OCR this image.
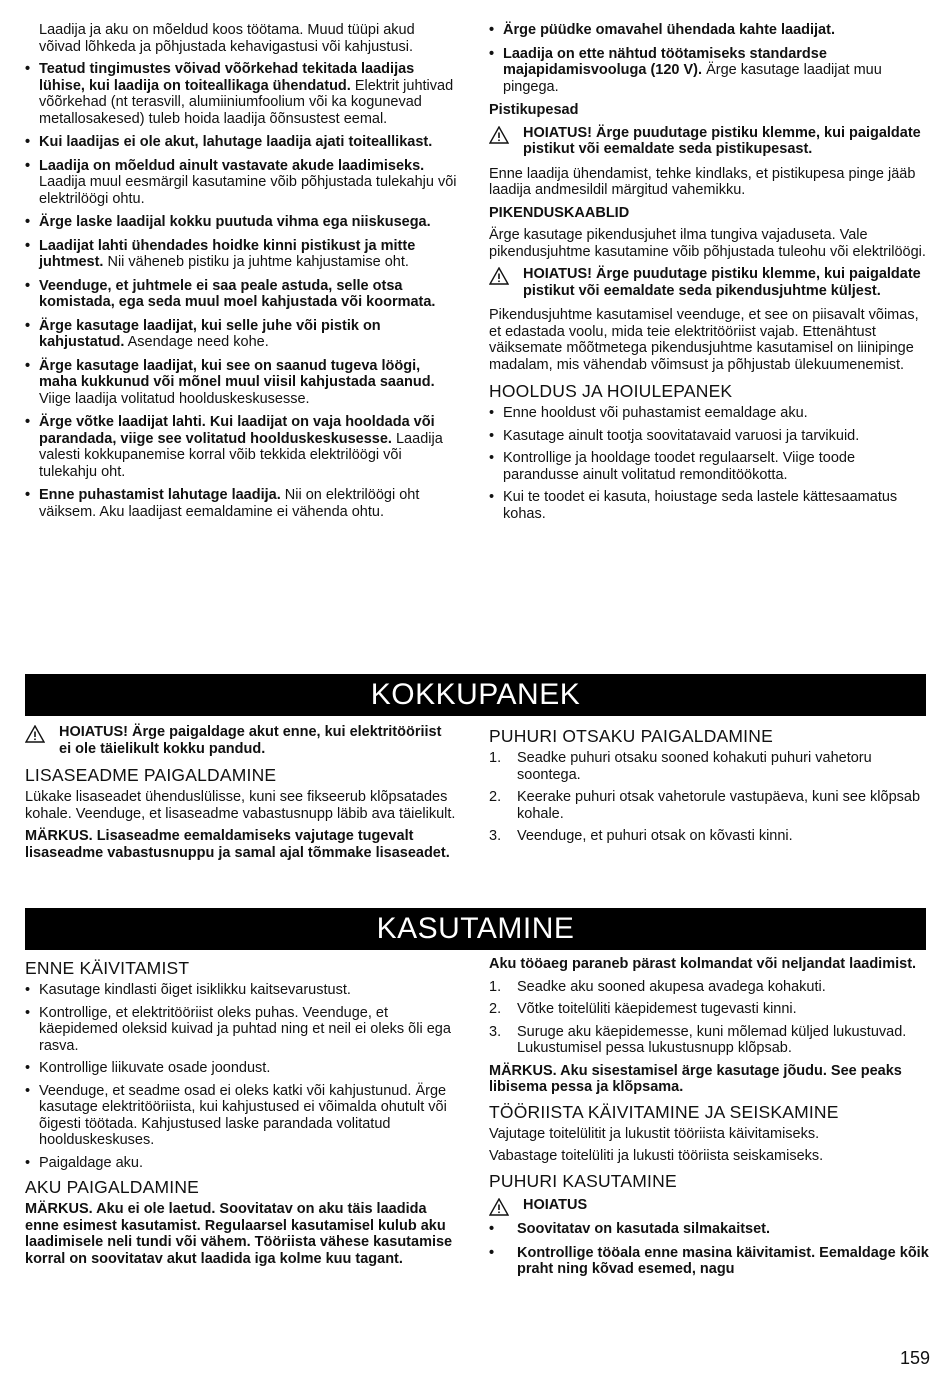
Laadija ja aku on mõeldud koos töötama. Muud tüüpi akud võivad lõhkeda ja põhjustada kehavigastusi või kahjustusi.

• Teatud tingimustes võivad võõrkehad tekitada laadijas lühise, kui laadija on toiteallikaga ühendatud. Elektrit juhtivad võõrkehad (nt terasvill, alumiiniumfoolium või ka kogunevad metallosakesed) tuleb hoida laadija õõnsustest eemal.
• Kui laadijas ei ole akut, lahutage laadija ajati toiteallikast.
• Laadija on mõeldud ainult vastavate akude laadimiseks. Laadija muul eesmärgil kasutamine võib põhjustada tulekahju või elektrilöögi ohtu.
• Ärge laske laadijal kokku puutuda vihma ega niiskusega.
• Laadijat lahti ühendades hoidke kinni pistikust ja mitte juhtmest. Nii väheneb pistiku ja juhtme kahjustamise oht.
• Veenduge, et juhtmele ei saa peale astuda, selle otsa komistada, ega seda muul moel kahjustada või koormata.
• Ärge kasutage laadijat, kui selle juhe või pistik on kahjustatud. Asendage need kohe.
• Ärge kasutage laadijat, kui see on saanud tugeva löögi, maha kukkunud või mõnel muul viisil kahjustada saanud. Viige laadija volitatud hoolduskeskusesse.
• Ärge võtke laadijat lahti. Kui laadijat on vaja hooldada või parandada, viige see volitatud hoolduskeskusesse. Laadija valesti kokkupanemise korral võib tekkida elektrilöögi või tulekahju oht.
• Enne puhastamist lahutage laadija. Nii on elektrilöögi oht väiksem. Aku laadijast eemaldamine ei vähenda ohtu.
• Ärge püüdke omavahel ühendada kahte laadijat.
• Laadija on ette nähtud töötamiseks standardse majapidamisvooluga (120 V). Ärge kasutage laadijat muu pingega.

Pistikupesad

HOIATUS! Ärge puudutage pistiku klemme, kui paigaldate pistikut või eemaldate seda pistikupesast.

Enne laadija ühendamist, tehke kindlaks, et pistikupesa pinge jääb laadija andmesildil märgitud vahemikku.

PIKENDUSKAABLID

Ärge kasutage pikendusjuhet ilma tungiva vajaduseta. Vale pikendusjuhtme kasutamine võib põhjustada tuleohu või elektrilöögi.

HOIATUS! Ärge puudutage pistiku klemme, kui paigaldate pistikut või eemaldate seda pikendusjuhtme küljest.

Pikendusjuhtme kasutamisel veenduge, et see on piisavalt võimas, et edastada voolu, mida teie elektritööriist vajab. Ettenähtust väiksemate mõõtmetega pikendusjuhtme kasutamisel on liinipinge madalam, mis vähendab võimsust ja põhjustab ülekuumenemist.

HOOLDUS JA HOIULEPANEK

• Enne hooldust või puhastamist eemaldage aku.
• Kasutage ainult tootja soovitatavaid varuosi ja tarvikuid.
• Kontrollige ja hooldage toodet regulaarselt. Viige toode parandusse ainult volitatud remonditöökotta.
• Kui te toodet ei kasuta, hoiustage seda lastele kättesaamatus kohas.
KOKKUPANEK
HOIATUS! Ärge paigaldage akut enne, kui elektritööriist ei ole täielikult kokku pandud.

LISASEADME PAIGALDAMINE

Lükake lisaseadet ühenduslülisse, kuni see fikseerub klõpsatades kohale. Veenduge, et lisaseadme vabastusnupp läbib ava täielikult.

MÄRKUS. Lisaseadme eemaldamiseks vajutage tugevalt lisaseadme vabastusnuppu ja samal ajal tõmmake lisaseadet.

PUHURI OTSAKU PAIGALDAMINE

1. Seadke puhuri otsaku sooned kohakuti puhuri vahetoru soontega.
2. Keerake puhuri otsak vahetorule vastupäeva, kuni see klõpsab kohale.
3. Veenduge, et puhuri otsak on kõvasti kinni.
KASUTAMINE

ENNE KÄIVITAMIST

• Kasutage kindlasti õiget isiklikku kaitsevarustust.
• Kontrollige, et elektritööriist oleks puhas. Veenduge, et käepidemed oleksid kuivad ja puhtad ning et neil ei oleks õli ega rasva.
• Kontrollige liikuvate osade joondust.
• Veenduge, et seadme osad ei oleks katki või kahjustunud. Ärge kasutage elektritööriista, kui kahjustused ei võimalda ohutult või õigesti töötada. Kahjustused laske parandada volitatud hoolduskeskuses.
• Paigaldage aku.

AKU PAIGALDAMINE

MÄRKUS. Aku ei ole laetud. Soovitatav on aku täis laadida enne esimest kasutamist. Regulaarsel kasutamisel kulub aku laadimisele neli tundi või vähem. Tööriista vähese kasutamise korral on soovitatav akut laadida iga kolme kuu tagant.

Aku tööaeg paraneb pärast kolmandat või neljandat laadimist.

1. Seadke aku sooned akupesa avadega kohakuti.
2. Võtke toitelüliti käepidemest tugevasti kinni.
3. Suruge aku käepidemesse, kuni mõlemad küljed lukustuvad. Lukustumisel pessa lukustusnupp klõpsab.

MÄRKUS. Aku sisestamisel ärge kasutage jõudu. See peaks libisema pessa ja klõpsama.

TÖÖRIISTA KÄIVITAMINE JA SEISKAMINE

Vajutage toitelülitit ja lukustit tööriista käivitamiseks.

Vabastage toitelüliti ja lukusti tööriista seiskamiseks.

PUHURI KASUTAMINE

HOIATUS
• Soovitatav on kasutada silmakaitset.
• Kontrollige tööala enne masina käivitamist. Eemaldage kõik praht ning kõvad esemed, nagu
159
